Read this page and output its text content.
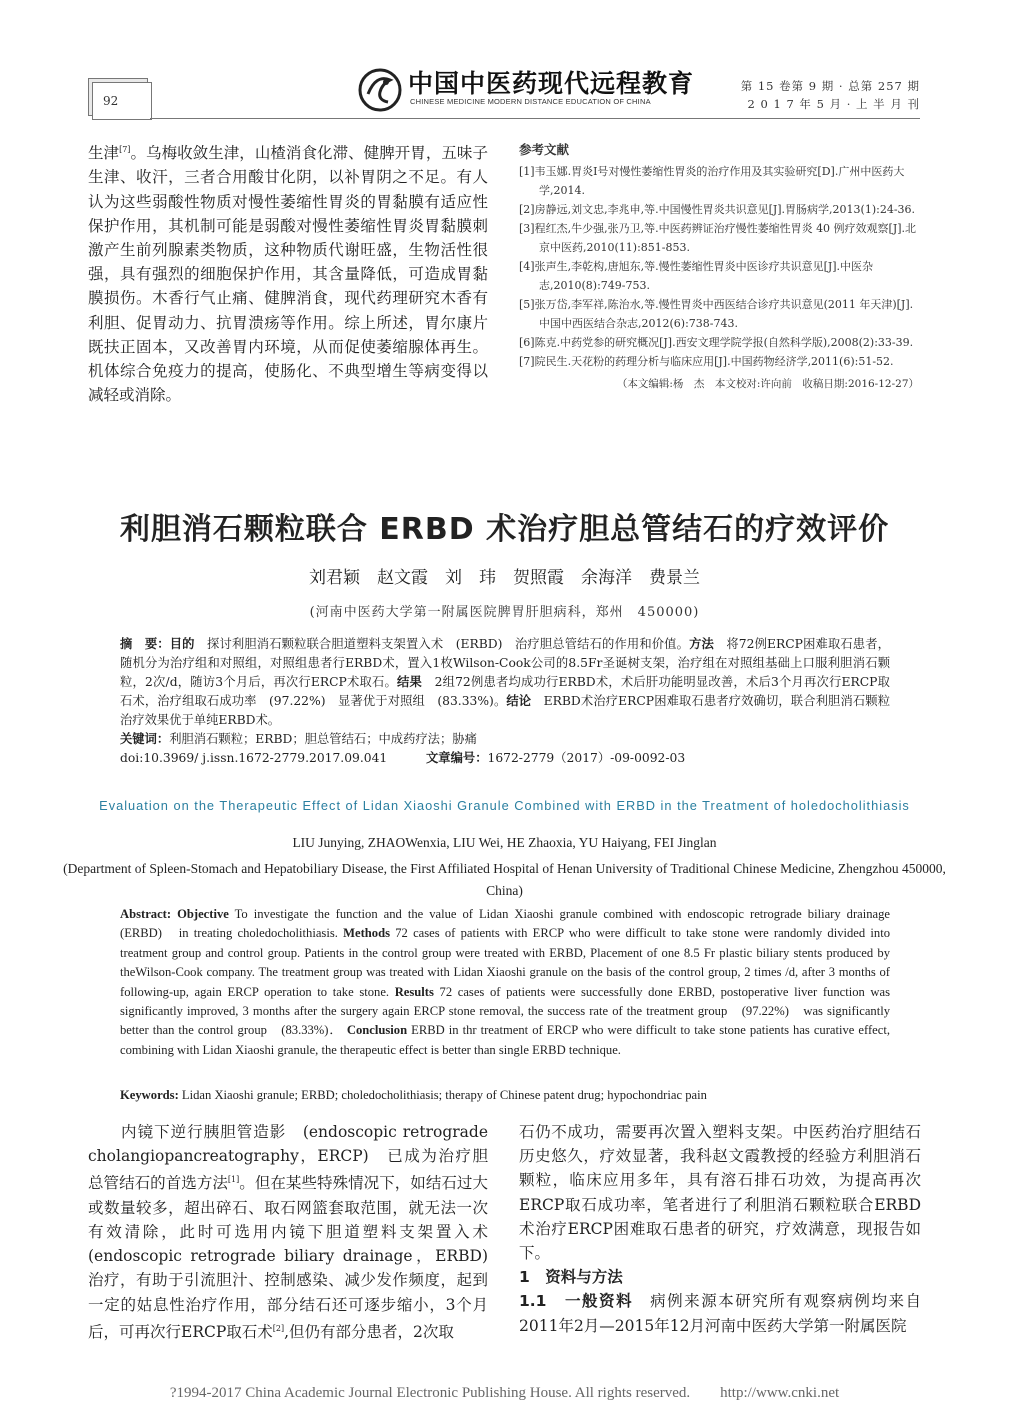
92
中国中医药现代远程教育
CHINESE MEDICINE MODERN DISTANCE EDUCATION OF CHINA
第 15 卷第 9 期 · 总第 257 期
2 0 1 7 年 5 月 · 上 半 月 刊

生津[7]。乌梅收敛生津，山楂消食化滞、健脾开胃，五味子生津、收汗，三者合用酸甘化阴，以补胃阴之不足。有人认为这些弱酸性物质对慢性萎缩性胃炎的胃黏膜有适应性保护作用，其机制可能是弱酸对慢性萎缩性胃炎胃黏膜刺激产生前列腺素类物质，这种物质代谢旺盛，生物活性很强，具有强烈的细胞保护作用，其含量降低，可造成胃黏膜损伤。木香行气止痛、健脾消食，现代药理研究木香有利胆、促胃动力、抗胃溃疡等作用。综上所述，胃尔康片既扶正固本，又改善胃内环境，从而促使萎缩腺体再生。机体综合免疫力的提高，使肠化、不典型增生等病变得以减轻或消除。

参考文献
[1]韦玉娜.胃炎Ⅰ号对慢性萎缩性胃炎的治疗作用及其实验研究[D].广州中医药大学,2014.
[2]房静远,刘文忠,李兆申,等.中国慢性胃炎共识意见[J].胃肠病学,2013(1):24-36.
[3]程红杰,牛少强,张乃卫,等.中医药辨证治疗慢性萎缩性胃炎 40 例疗效观察[J].北京中医药,2010(11):851-853.
[4]张声生,李乾构,唐旭东,等.慢性萎缩性胃炎中医诊疗共识意见[J].中医杂志,2010(8):749-753.
[5]张万岱,李军祥,陈治水,等.慢性胃炎中西医结合诊疗共识意见(2011 年天津)[J].中国中西医结合杂志,2012(6):738-743.
[6]陈克.中药党参的研究概况[J].西安文理学院学报(自然科学版),2008(2):33-39.
[7]院民生.天花粉的药理分析与临床应用[J].中国药物经济学,2011(6):51-52.
（本文编辑:杨　杰　本文校对:许向前　收稿日期:2016-12-27）
利胆消石颗粒联合 ERBD 术治疗胆总管结石的疗效评价
刘君颖　赵文霞　刘　玮　贺照霞　余海洋　费景兰
(河南中医药大学第一附属医院脾胃肝胆病科，郑州　450000)
摘　要：目的　探讨利胆消石颗粒联合胆道塑料支架置入术　(ERBD)　治疗胆总管结石的作用和价值。方法　将72例ERCP困难取石患者，随机分为治疗组和对照组，对照组患者行ERBD术，置入1枚Wilson-Cook公司的8.5Fr圣诞树支架，治疗组在对照组基础上口服利胆消石颗粒，2次/d，随访3个月后，再次行ERCP术取石。结果　2组72例患者均成功行ERBD术，术后肝功能明显改善，术后3个月再次行ERCP取石术，治疗组取石成功率　(97.22%)　显著优于对照组　(83.33%)。结论　ERBD术治疗ERCP困难取石患者疗效确切，联合利胆消石颗粒治疗效果优于单纯ERBD术。
关键词：利胆消石颗粒；ERBD；胆总管结石；中成药疗法；胁痛
doi:10.3969/ j.issn.1672-2779.2017.09.041	文章编号：1672-2779（2017）-09-0092-03
Evaluation on the Therapeutic Effect of Lidan Xiaoshi Granule Combined with ERBD in the Treatment of holedocholithiasis
LIU Junying, ZHAOWenxia, LIU Wei, HE Zhaoxia, YU Haiyang, FEI Jinglan
(Department of Spleen-Stomach and Hepatobiliary Disease, the First Affiliated Hospital of Henan University of Traditional Chinese Medicine, Zhengzhou 450000, China)
Abstract: Objective To investigate the function and the value of Lidan Xiaoshi granule combined with endoscopic retrograde biliary drainage　(ERBD)　in treating choledocholithiasis. Methods 72 cases of patients with ERCP who were difficult to take stone were randomly divided into treatment group and control group. Patients in the control group were treated with ERBD, Placement of one 8.5 Fr plastic biliary stents produced by theWilson-Cook company. The treatment group was treated with Lidan Xiaoshi granule on the basis of the control group, 2 times /d, after 3 months of following-up, again ERCP operation to take stone. Results 72 cases of patients were successfully done ERBD, postoperative liver function was significantly improved, 3 months after the surgery again ERCP stone removal, the success rate of the treatment group　(97.22%)　was significantly better than the control group　(83.33%)． Conclusion ERBD in thr treatment of ERCP who were difficult to take stone patients has curative effect, combining with Lidan Xiaoshi granule, the therapeutic effect is better than single ERBD technique.
Keywords: Lidan Xiaoshi granule; ERBD; choledocholithiasis; therapy of Chinese patent drug; hypochondriac pain

　　内镜下逆行胰胆管造影　(endoscopic retrograde cholangiopancreatography，ERCP)　已成为治疗胆总管结石的首选方法[1]。但在某些特殊情况下，如结石过大或数量较多，超出碎石、取石网篮套取范围，就无法一次有效清除，此时可选用内镜下胆道塑料支架置入术　(endoscopic retrograde biliary drainage，ERBD)　治疗，有助于引流胆汁、控制感染、减少发作频度，起到一定的姑息性治疗作用，部分结石还可逐步缩小，3个月后，可再次行ERCP取石术[2],但仍有部分患者，2次取

石仍不成功，需要再次置入塑料支架。中医药治疗胆结石历史悠久，疗效显著，我科赵文霞教授的经验方利胆消石颗粒，临床应用多年，具有溶石排石功效，为提高再次ERCP取石成功率，笔者进行了利胆消石颗粒联合ERBD术治疗ERCP困难取石患者的研究，疗效满意，现报告如下。

1　资料与方法

1.1　一般资料　病例来源本研究所有观察病例均来自2011年2月—2015年12月河南中医药大学第一附属医院

?1994-2017 China Academic Journal Electronic Publishing House. All rights reserved.　　http://www.cnki.net
